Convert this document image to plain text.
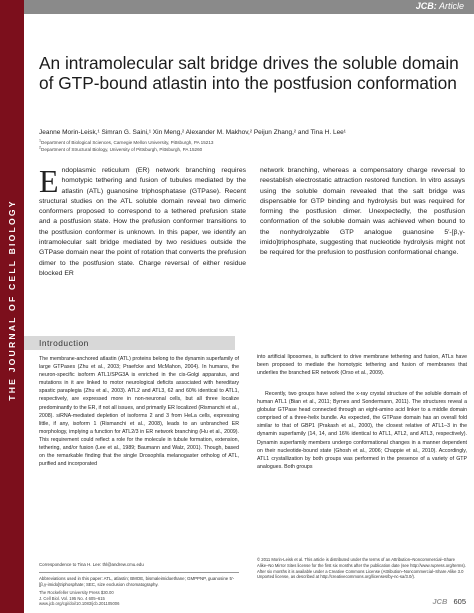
THE JOURNAL OF CELL BIOLOGY
JCB: Article
An intramolecular salt bridge drives the soluble domain of GTP-bound atlastin into the postfusion conformation

Jeanne Morin-Leisk,¹ Simran G. Saini,¹ Xin Meng,² Alexander M. Makhov,² Peijun Zhang,² and Tina H. Lee¹

$^1$Department of Biological Sciences, Carnegie Mellon University, Pittsburgh, PA 15213

$^2$Department of Structural Biology, University of Pittsburgh, Pittsburgh, PA 15260

Endoplasmic reticulum (ER) network branching requires homotypic tethering and fusion of tubules mediated by the atlastin (ATL) guanosine triphosphatase (GTPase). Recent structural studies on the ATL soluble domain reveal two dimeric conformers proposed to correspond to a tethered prefusion state and a postfusion state. How the prefusion conformer transitions to the postfusion conformer is unknown. In this paper, we identify an intramolecular salt bridge mediated by two residues outside the GTPase domain near the point of rotation that converts the prefusion dimer to the postfusion state. Charge reversal of either residue blocked ER

network branching, whereas a compensatory charge reversal to reestablish electrostatic attraction restored function. In vitro assays using the soluble domain revealed that the salt bridge was dispensable for GTP binding and hydrolysis but was required for forming the postfusion dimer. Unexpectedly, the postfusion conformation of the soluble domain was achieved when bound to the nonhydrolyzable GTP analogue guanosine 5′-[β,γ-imido]triphosphate, suggesting that nucleotide hydrolysis might not be required for the prefusion to postfusion conformational change.

Introduction

The membrane-anchored atlastin (ATL) proteins belong to the dynamin superfamily of large GTPases (Zhu et al., 2003; Praefcke and McMahon, 2004). In humans, the neuron-specific isoform ATL1/SPG3A is enriched in the cis-Golgi apparatus, and mutations in it are linked to motor neurological deficits associated with hereditary spastic paraplegia (Zhu et al., 2003). ATL2 and ATL3, 62 and 60% identical to ATL1, respectively, are expressed more in non-neuronal cells, but all three localize predominantly to the ER, if not all issues, and primarily ER localized (Rismanchi et al., 2008). siRNA-mediated depletion of isoforms 2 and 3 from HeLa cells, expressing little, if any, isoform 1 (Rismanchi et al., 2008), leads to an unbranched ER morphology, implying a function for ATL2/3 in ER network branching (Hu et al., 2009). This requirement could reflect a role for the molecule in tubule formation, extension, tethering, and/or fusion (Lee et al., 1989; Baumann and Walz, 2001). Though, based on the remarkable finding that the single Drosophila melanogaster ortholog of ATL, purified and incorporated

into artificial liposomes, is sufficient to drive membrane tethering and fusion, ATLs have been proposed to mediate the homotypic tethering and fusion of membranes that underlies the branched ER network (Orso et al., 2009).

Recently, two groups have solved the x-ray crystal structure of the soluble domain of human ATL1 (Bian et al., 2011; Byrnes and Sondermann, 2011). The structures reveal a globular GTPase head connected through an eight-amino acid linker to a middle domain comprised of a three-helix bundle. As expected, the GTPase domain has an overall fold similar to that of GBP1 (Prakash et al., 2000), the closest relative of ATL1–3 in the dynamin superfamily (14, 14, and 16% identical to ATL1, ATL2, and ATL3, respectively). Dynamin superfamily members undergo conformational changes in a manner dependent on their nucleotide-bound state (Ghosh et al., 2006; Chappie et al., 2010). Accordingly, ATL1 crystallization by both groups was performed in the presence of a variety of GTP analogues. Both groups

Correspondence to Tina H. Lee: thl@andrew.cmu.edu

Abbreviations used in this paper: ATL, atlastin; BMOE, bismaleimidoethane; GMPPNP, guanosine 5′-[β,γ-imido]triphosphate; SEC, size exclusion chromatography.

© 2011 Morin-Leisk et al. This article is distributed under the terms of an Attribution–Noncommercial–Share Alike–No Mirror Sites license for the first six months after the publication date (see http://www.rupress.org/terms). After six months it is available under a Creative Commons License (Attribution–Noncommercial–Share Alike 3.0 Unported license, as described at http://creativecommons.org/licenses/by-nc-sa/3.0/).

The Rockefeller University Press $30.00
J. Cell Biol. Vol. 195 No. 4 605–615
www.jcb.org/cgi/doi/10.1083/jcb.201105006	JCB 605
